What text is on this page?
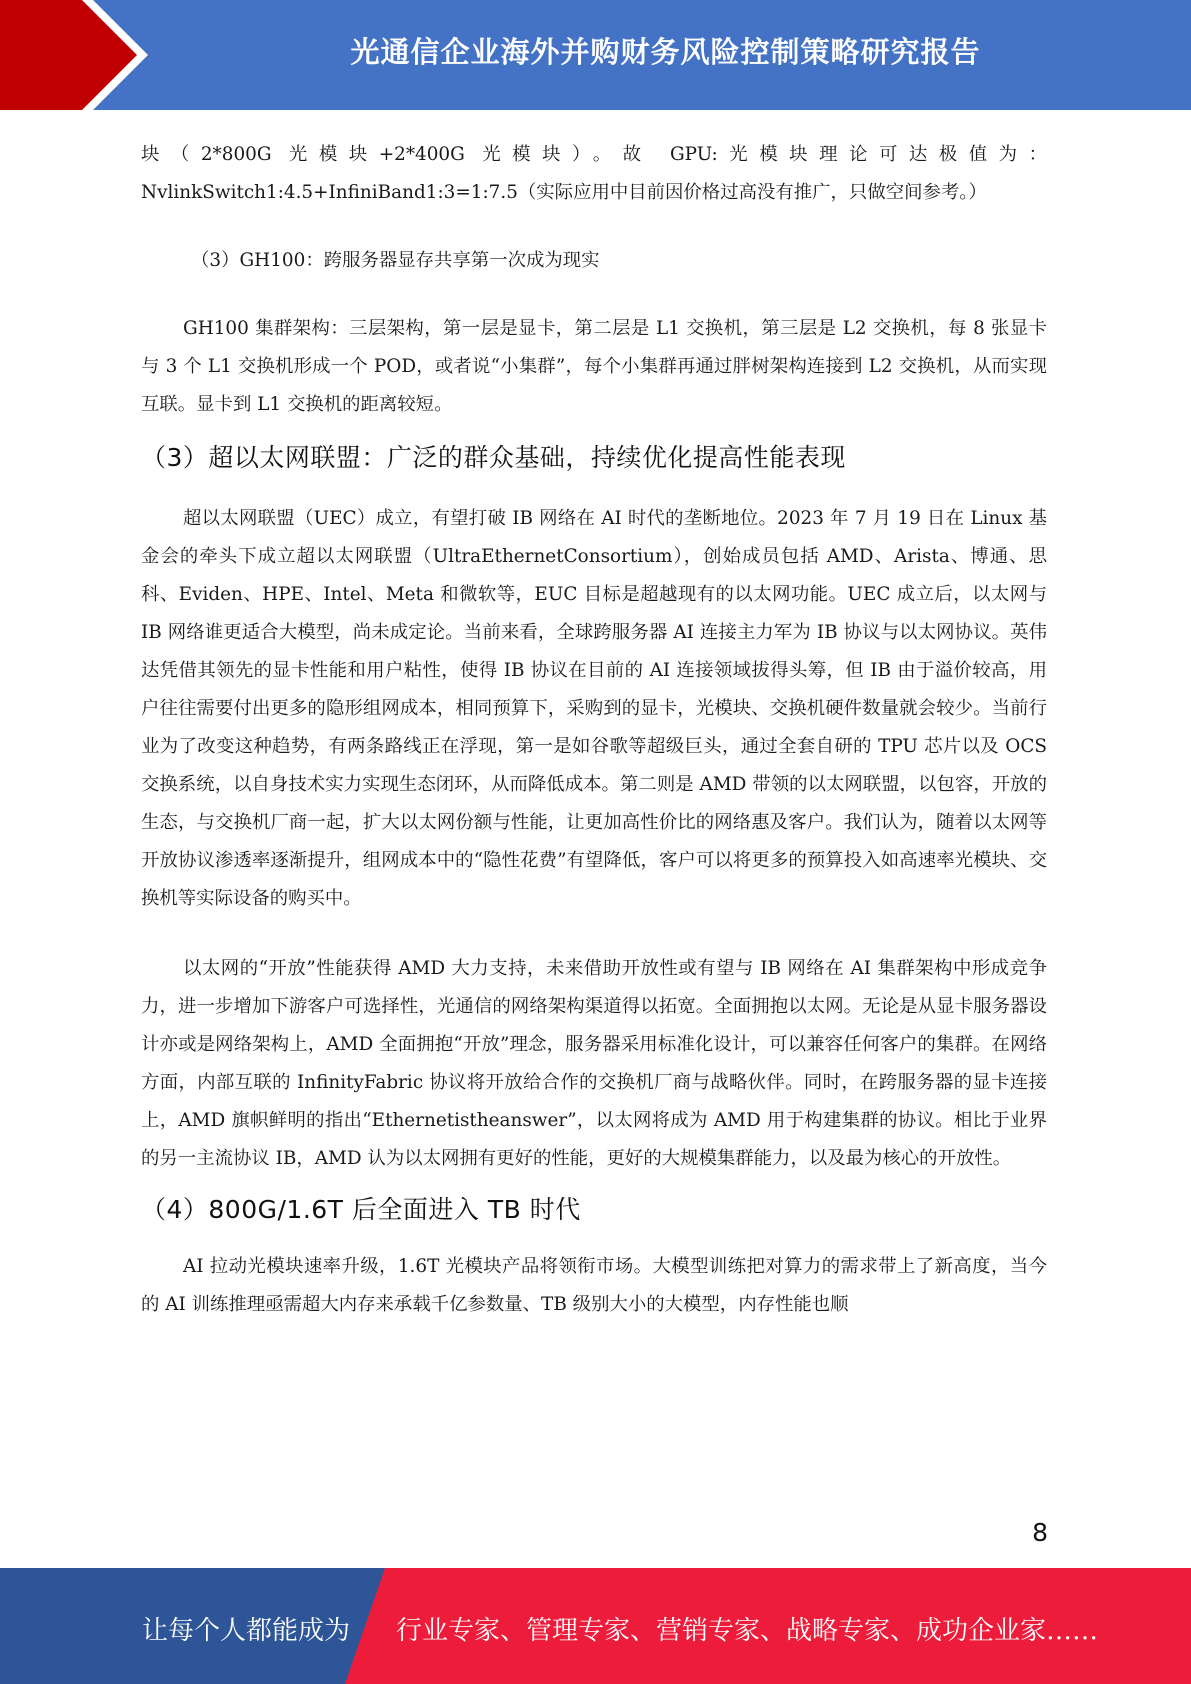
光通信企业海外并购财务风险控制策略研究报告

块（2*800G 光模块+2*400G 光模块）。故 GPU:光模块理论可达极值为：NvlinkSwitch1:4.5+InfiniBand1:3=1:7.5（实际应用中目前因价格过高没有推广，只做空间参考。）

（3）GH100：跨服务器显存共享第一次成为现实

GH100 集群架构：三层架构，第一层是显卡，第二层是 L1 交换机，第三层是 L2 交换机，每 8 张显卡与 3 个 L1 交换机形成一个 POD，或者说“小集群”，每个小集群再通过胖树架构连接到 L2 交换机，从而实现互联。显卡到 L1 交换机的距离较短。

（3）超以太网联盟：广泛的群众基础，持续优化提高性能表现

超以太网联盟（UEC）成立，有望打破 IB 网络在 AI 时代的垄断地位。2023 年 7 月 19 日在 Linux 基金会的牵头下成立超以太网联盟（UltraEthernetConsortium），创始成员包括 AMD、Arista、博通、思科、Eviden、HPE、Intel、Meta 和微软等，EUC 目标是超越现有的以太网功能。UEC 成立后，以太网与 IB 网络谁更适合大模型，尚未成定论。当前来看，全球跨服务器 AI 连接主力军为 IB 协议与以太网协议。英伟达凭借其领先的显卡性能和用户粘性，使得 IB 协议在目前的 AI 连接领域拔得头筹，但 IB 由于溢价较高，用户往往需要付出更多的隐形组网成本，相同预算下，采购到的显卡，光模块、交换机硬件数量就会较少。当前行业为了改变这种趋势，有两条路线正在浮现，第一是如谷歌等超级巨头，通过全套自研的 TPU 芯片以及 OCS 交换系统，以自身技术实力实现生态闭环，从而降低成本。第二则是 AMD 带领的以太网联盟，以包容，开放的生态，与交换机厂商一起，扩大以太网份额与性能，让更加高性价比的网络惠及客户。我们认为，随着以太网等开放协议渗透率逐渐提升，组网成本中的“隐性花费”有望降低，客户可以将更多的预算投入如高速率光模块、交换机等实际设备的购买中。

以太网的“开放”性能获得 AMD 大力支持，未来借助开放性或有望与 IB 网络在 AI 集群架构中形成竞争力，进一步增加下游客户可选择性，光通信的网络架构渠道得以拓宽。全面拥抱以太网。无论是从显卡服务器设计亦或是网络架构上，AMD 全面拥抱“开放”理念，服务器采用标准化设计，可以兼容任何客户的集群。在网络方面，内部互联的 InfinityFabric 协议将开放给合作的交换机厂商与战略伙伴。同时，在跨服务器的显卡连接上，AMD 旗帜鲜明的指出“Ethernetistheanswer”，以太网将成为 AMD 用于构建集群的协议。相比于业界的另一主流协议 IB，AMD 认为以太网拥有更好的性能，更好的大规模集群能力，以及最为核心的开放性。

（4）800G/1.6T 后全面进入 TB 时代

AI 拉动光模块速率升级，1.6T 光模块产品将领衔市场。大模型训练把对算力的需求带上了新高度，当今的 AI 训练推理亟需超大内存来承载千亿参数量、TB 级别大小的大模型，内存性能也顺

8
让每个人都能成为 行业专家、管理专家、营销专家、战略专家、成功企业家……
